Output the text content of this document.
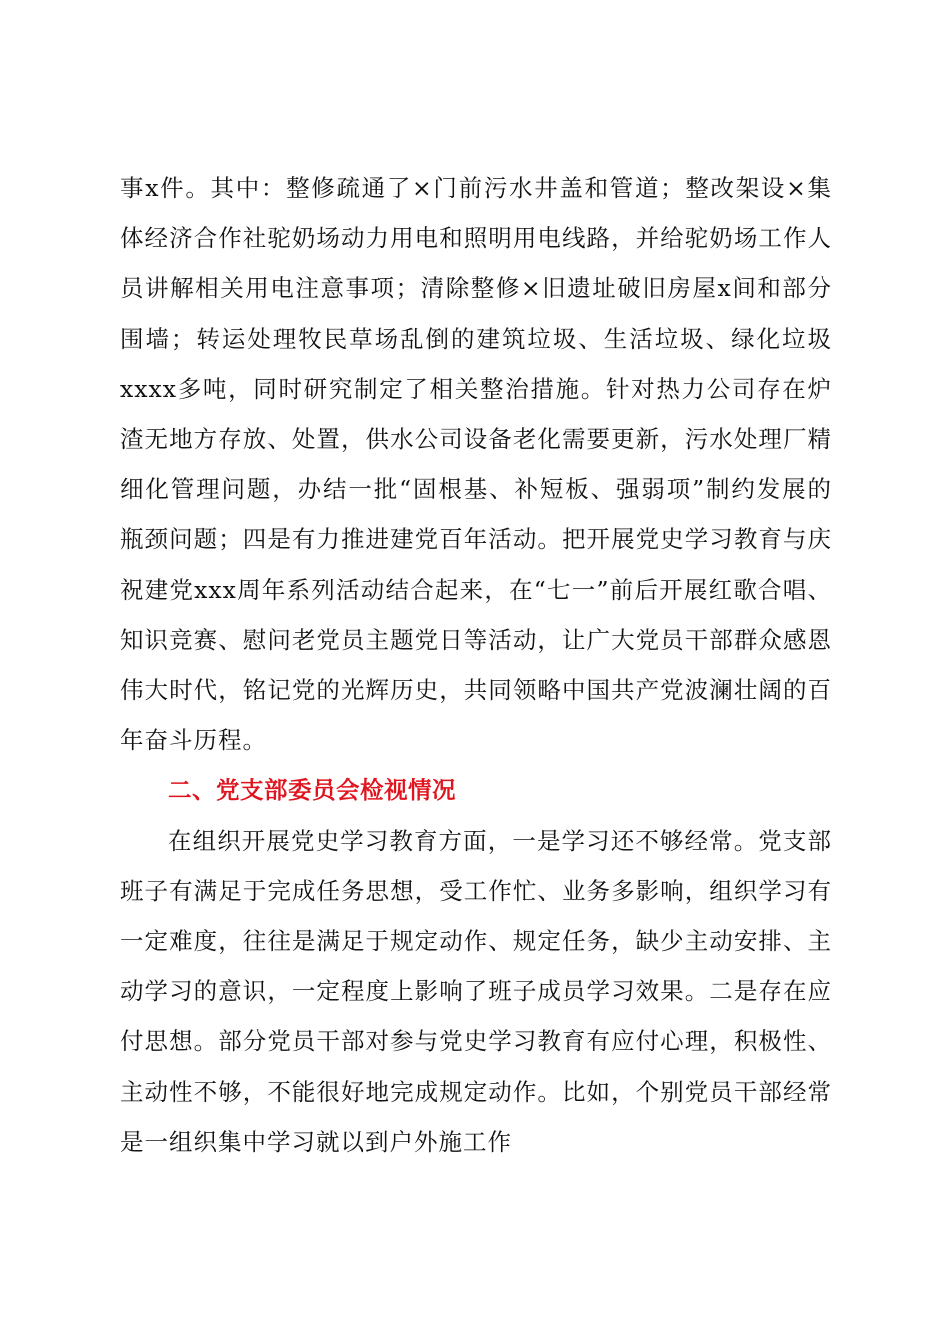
事x件。其中：整修疏通了×门前污水井盖和管道；整改架设×集体经济合作社驼奶场动力用电和照明用电线路，并给驼奶场工作人员讲解相关用电注意事项；清除整修×旧遗址破旧房屋x间和部分围墙；转运处理牧民草场乱倒的建筑垃圾、生活垃圾、绿化垃圾xxxx多吨，同时研究制定了相关整治措施。针对热力公司存在炉渣无地方存放、处置，供水公司设备老化需要更新，污水处理厂精细化管理问题，办结一批“固根基、补短板、强弱项”制约发展的瓶颈问题；四是有力推进建党百年活动。把开展党史学习教育与庆祝建党xxx周年系列活动结合起来，在“七一”前后开展红歌合唱、知识竞赛、慰问老党员主题党日等活动，让广大党员干部群众感恩伟大时代，铭记党的光辉历史，共同领略中国共产党波澜壮阔的百年奋斗历程。

二、党支部委员会检视情况

在组织开展党史学习教育方面，一是学习还不够经常。党支部班子有满足于完成任务思想，受工作忙、业务多影响，组织学习有一定难度，往往是满足于规定动作、规定任务，缺少主动安排、主动学习的意识，一定程度上影响了班子成员学习效果。二是存在应付思想。部分党员干部对参与党史学习教育有应付心理，积极性、主动性不够，不能很好地完成规定动作。比如，个别党员干部经常是一组织集中学习就以到户外施工作
